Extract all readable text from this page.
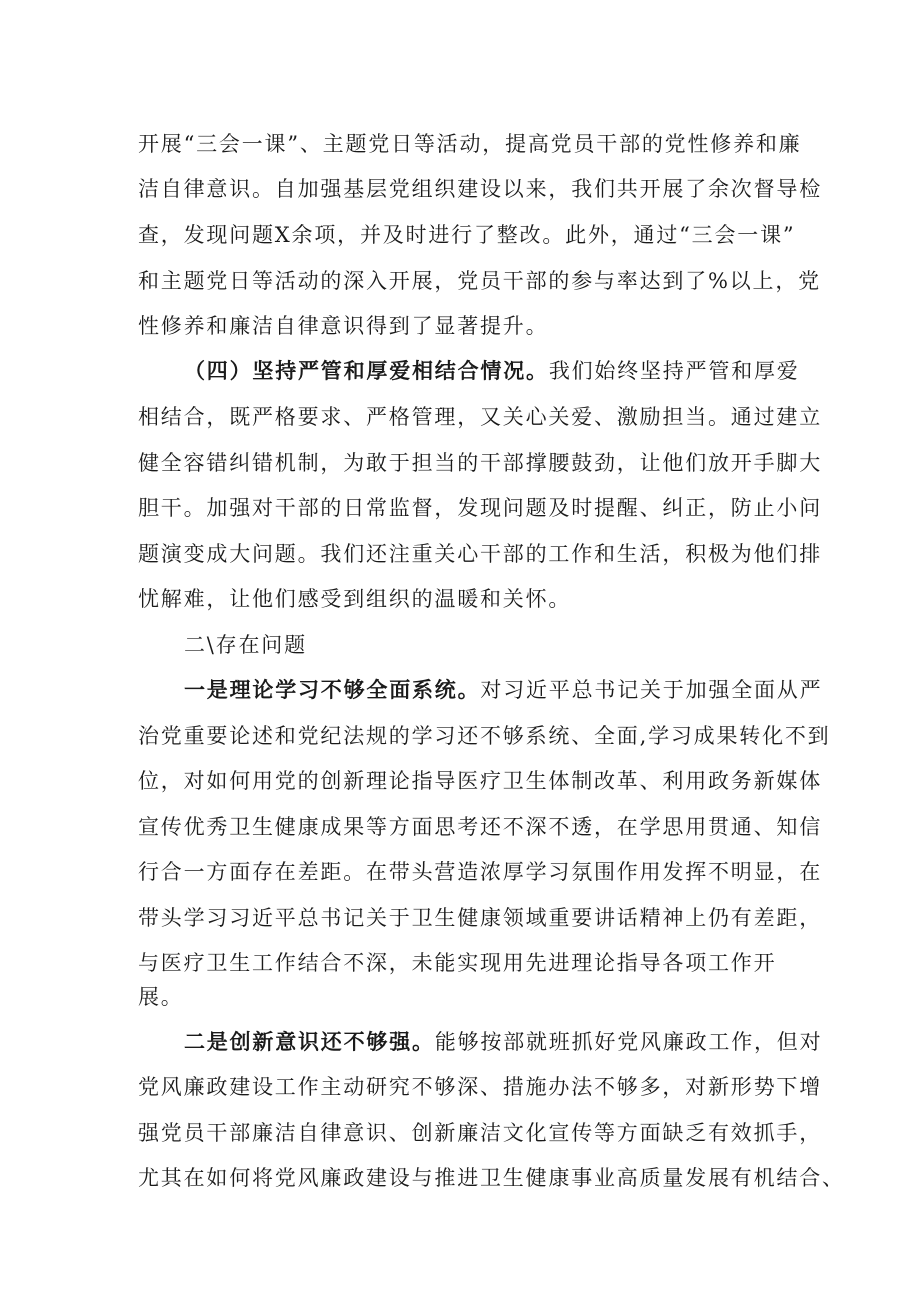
开展“三会一课”、主题党日等活动，提高党员干部的党性修养和廉
洁自律意识。自加强基层党组织建设以来，我们共开展了余次督导检
查，发现问题X余项，并及时进行了整改。此外，通过“三会一课”
和主题党日等活动的深入开展，党员干部的参与率达到了%以上，党
性修养和廉洁自律意识得到了显著提升。
（四）坚持严管和厚爱相结合情况。我们始终坚持严管和厚爱
相结合，既严格要求、严格管理，又关心关爱、激励担当。通过建立
健全容错纠错机制，为敢于担当的干部撑腰鼓劲，让他们放开手脚大
胆干。加强对干部的日常监督，发现问题及时提醒、纠正，防止小问
题演变成大问题。我们还注重关心干部的工作和生活，积极为他们排
忧解难，让他们感受到组织的温暖和关怀。
二\存在问题
一是理论学习不够全面系统。对习近平总书记关于加强全面从严
治党重要论述和党纪法规的学习还不够系统、全面,学习成果转化不到
位，对如何用党的创新理论指导医疗卫生体制改革、利用政务新媒体
宣传优秀卫生健康成果等方面思考还不深不透，在学思用贯通、知信
行合一方面存在差距。在带头营造浓厚学习氛围作用发挥不明显，在
带头学习习近平总书记关于卫生健康领域重要讲话精神上仍有差距，
与医疗卫生工作结合不深，未能实现用先进理论指导各项工作开
展。
二是创新意识还不够强。能够按部就班抓好党风廉政工作，但对
党风廉政建设工作主动研究不够深、措施办法不够多，对新形势下增
强党员干部廉洁自律意识、创新廉洁文化宣传等方面缺乏有效抓手，
尤其在如何将党风廉政建设与推进卫生健康事业高质量发展有机结合、
